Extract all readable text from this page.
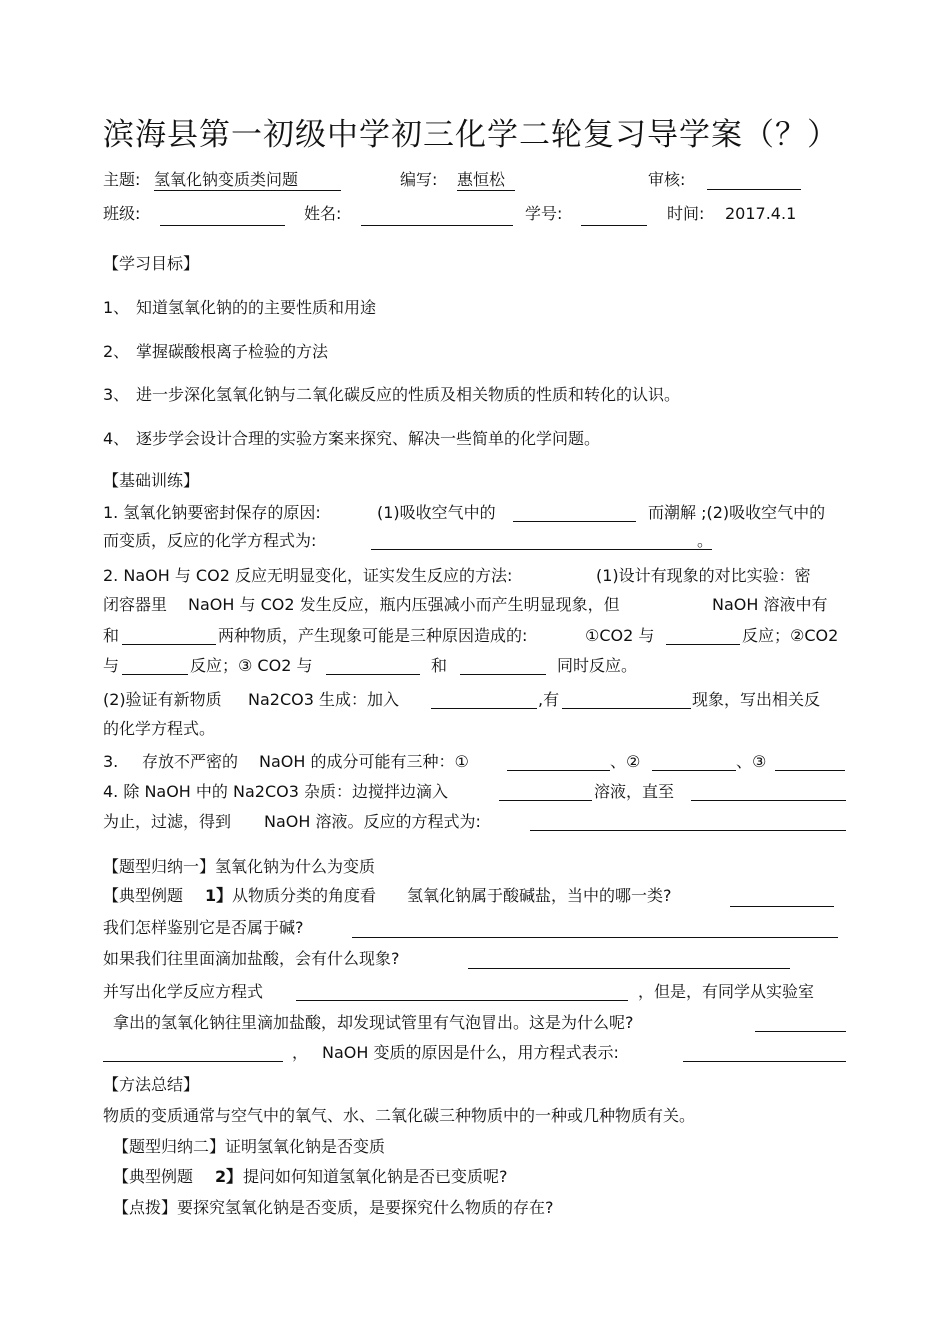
滨海县第一初级中学初三化学二轮复习导学案（？）
主题: 氢氧化钠变质类问题	编写: 惠恒松	审核:
班级:	姓名:	学号:	时间: 2017.4.1
【学习目标】
1、 知道氢氧化钠的的主要性质和用途
2、 掌握碳酸根离子检验的方法
3、 进一步深化氢氧化钠与二氧化碳反应的性质及相关物质的性质和转化的认识。
4、 逐步学会设计合理的实验方案来探究、解决一些简单的化学问题。
【基础训练】
1. 氢氧化钠要密封保存的原因:	(1)吸收空气中的	而潮解 ;(2)吸收空气中的
而变质，反应的化学方程式为:	。
2. NaOH 与 CO2 反应无明显变化，证实发生反应的方法:	(1)设计有现象的对比实验：密
闭容器里 NaOH 与 CO2 发生反应，瓶内压强减小而产生明显现象，但	NaOH 溶液中有
和	两种物质，产生现象可能是三种原因造成的:	①CO2 与	反应；②CO2
与	反应；③ CO2 与	和	同时反应。
(2)验证有新物质 Na2CO3 生成：加入	,有	现象，写出相关反
的化学方程式。
3. 存放不严密的 NaOH 的成分可能有三种：①	、②	、③
4. 除 NaOH 中的 Na2CO3 杂质：边搅拌边滴入	溶液，直至
为止，过滤，得到 NaOH 溶液。反应的方程式为:
【题型归纳一】氢氧化钠为什么为变质
【典型例题 1】 从物质分类的角度看 氢氧化钠属于酸碱盐，当中的哪一类?
我们怎样鉴别它是否属于碱?
如果我们往里面滴加盐酸，会有什么现象?
并写出化学反应方程式	，但是，有同学从实验室
拿出的氢氧化钠往里滴加盐酸，却发现试管里有气泡冒出。这是为什么呢?
， NaOH 变质的原因是什么，用方程式表示:
【方法总结】
物质的变质通常与空气中的氧气、水、二氧化碳三种物质中的一种或几种物质有关。
【题型归纳二】证明氢氧化钠是否变质
【典型例题 2】 提问如何知道氢氧化钠是否已变质呢?
【点拨】要探究氢氧化钠是否变质，是要探究什么物质的存在?
